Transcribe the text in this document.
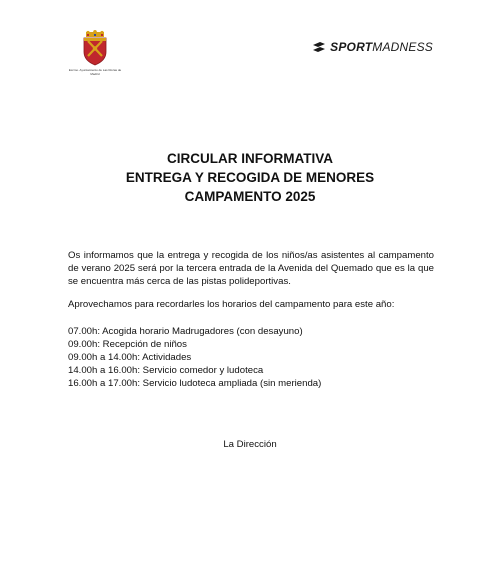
Excmo. Ayuntamiento de Las Rozas de Madrid
SPORTMADNESS
CIRCULAR INFORMATIVA
ENTREGA Y RECOGIDA DE MENORES
CAMPAMENTO 2025
Os informamos que la entrega y recogida de los niños/as asistentes al campamento de verano 2025 será por la tercera entrada de la Avenida del Quemado que es la que se encuentra más cerca de las pistas polideportivas.
Aprovechamos para recordarles los horarios del campamento para este año:
07.00h: Acogida horario Madrugadores (con desayuno)
09.00h: Recepción de niños
09.00h a 14.00h: Actividades
14.00h a 16.00h: Servicio comedor y ludoteca
16.00h a 17.00h: Servicio ludoteca ampliada (sin merienda)
La Dirección
